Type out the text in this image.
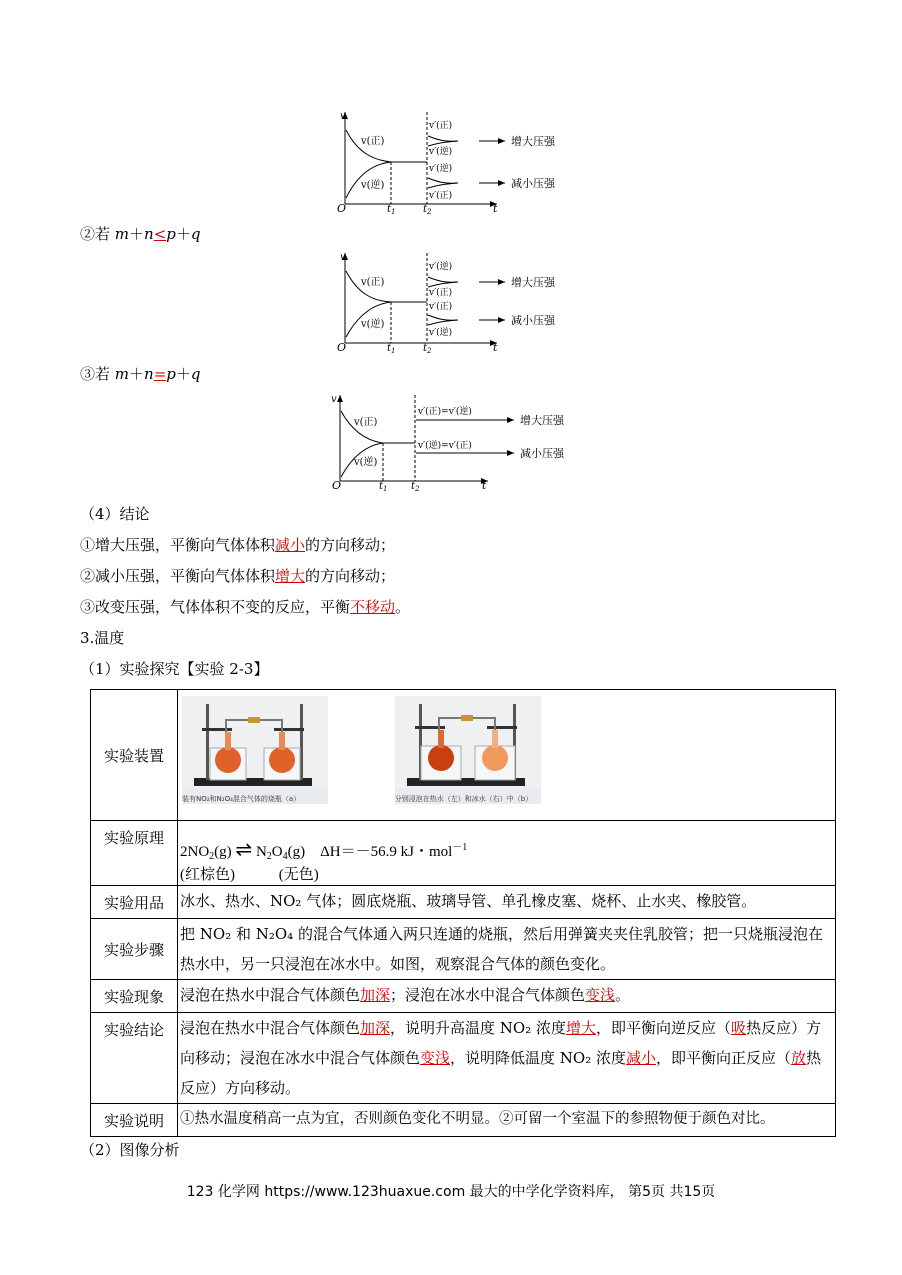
v
O	t
v(正)
v(逆)
$t_1$	$t_2$
v′(正)
v′(逆)
v′(逆)
v′(正)
增大压强
减小压强
②若 m＋n<p＋q
v
O	t
v(正)
v(逆)
$t_1$	$t_2$
v′(逆)
v′(正)
v′(正)
v′(逆)
增大压强
减小压强
③若 m＋n=p＋q
v
O	t
v(正)
v(逆)
$t_1$ $t_2$
v′(正)=v′(逆)
v′(逆)=v′(正)
增大压强
减小压强
（4）结论
①增大压强，平衡向气体体积减小的方向移动；
②减小压强，平衡向气体体积增大的方向移动；
③改变压强，气体体积不变的反应，平衡不移动。
3.温度
（1）实验探究【实验 2-3】
实验装置	装有NO₂和N₂O₄混合气体的烧瓶（a）
分别浸泡在热水（左）和冰水（右）中（b）

实验原理	$2NO_2(g)$ ⇌ $N_2O_4(g)$ ΔH＝－56.9 kJ・mol$^{-1}$
(红棕色) (无色)

实验用品	冰水、热水、NO₂ 气体；圆底烧瓶、玻璃导管、单孔橡皮塞、烧杯、止水夹、橡胶管。
实验步骤	把 NO₂ 和 N₂O₄ 的混合气体通入两只连通的烧瓶，然后用弹簧夹夹住乳胶管；把一只烧瓶浸泡在热水中，另一只浸泡在冰水中。如图，观察混合气体的颜色变化。
实验现象	浸泡在热水中混合气体颜色加深；浸泡在冰水中混合气体颜色变浅。
实验结论	浸泡在热水中混合气体颜色加深，说明升高温度 NO₂ 浓度增大，即平衡向逆反应（吸热反应）方向移动；浸泡在冰水中混合气体颜色变浅，说明降低温度 NO₂ 浓度减小，即平衡向正反应（放热反应）方向移动。
实验说明	①热水温度稍高一点为宜，否则颜色变化不明显。②可留一个室温下的参照物便于颜色对比。
（2）图像分析
123 化学网 https://www.123huaxue.com 最大的中学化学资料库， 第5页 共15页
